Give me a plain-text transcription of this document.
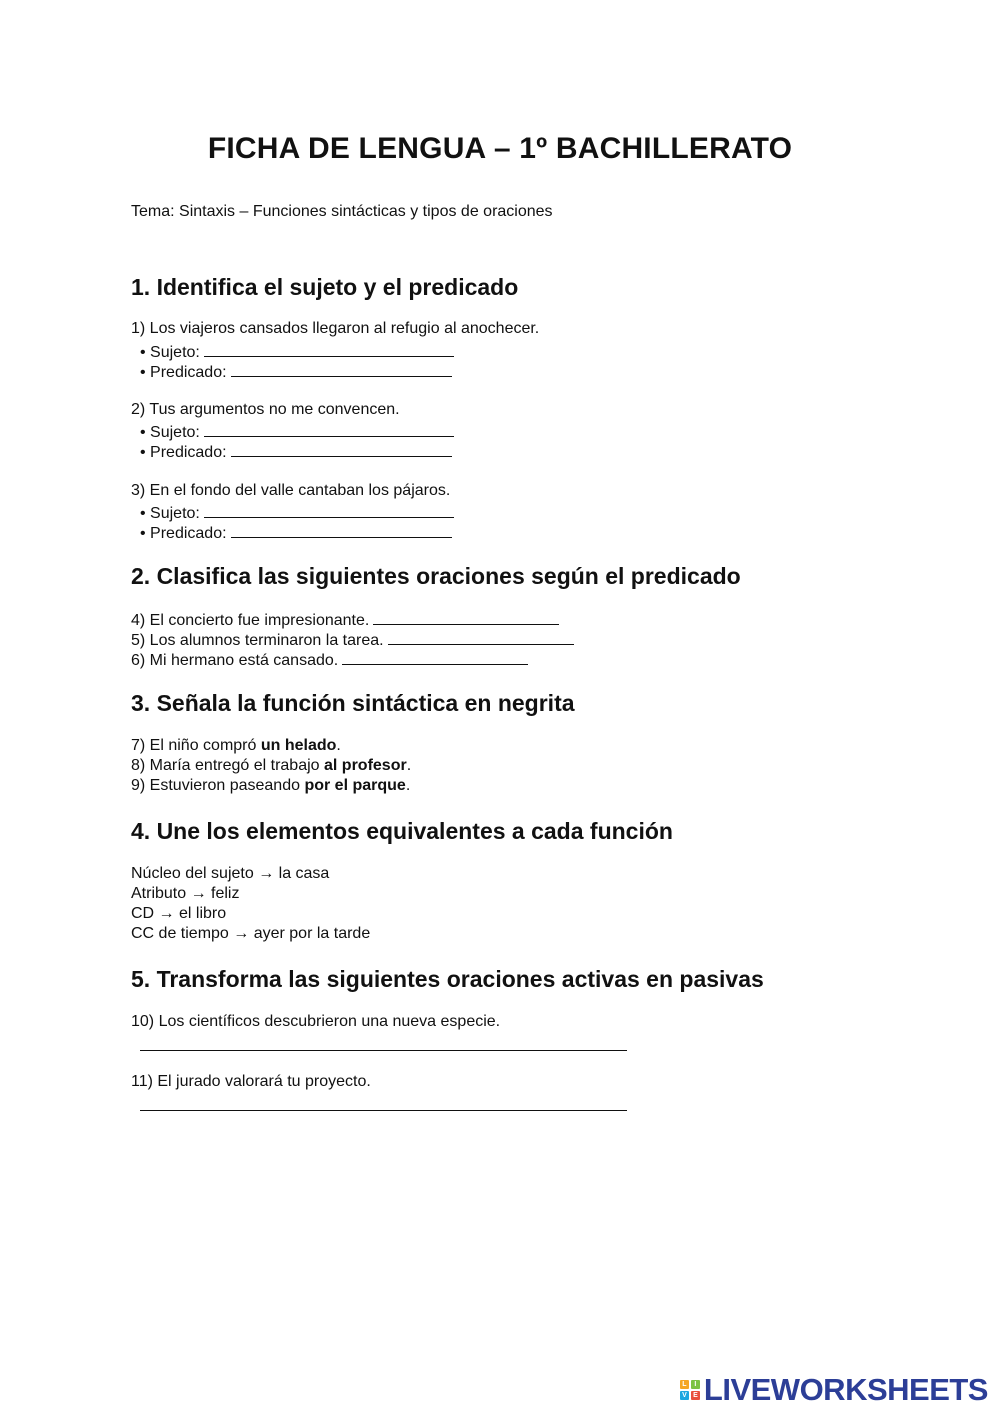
FICHA DE LENGUA – 1º BACHILLERATO
Tema: Sintaxis – Funciones sintácticas y tipos de oraciones
1. Identifica el sujeto y el predicado
1) Los viajeros cansados llegaron al refugio al anochecer.
• Sujeto:
• Predicado:
2) Tus argumentos no me convencen.
• Sujeto:
• Predicado:
3) En el fondo del valle cantaban los pájaros.
• Sujeto:
• Predicado:
2. Clasifica las siguientes oraciones según el predicado
4) El concierto fue impresionante.
5) Los alumnos terminaron la tarea.
6) Mi hermano está cansado.
3. Señala la función sintáctica en negrita
7) El niño compró un helado.
8) María entregó el trabajo al profesor.
9) Estuvieron paseando por el parque.
4. Une los elementos equivalentes a cada función
Núcleo del sujeto → la casa
Atributo → feliz
CD → el libro
CC de tiempo → ayer por la tarde
5. Transforma las siguientes oraciones activas en pasivas
10) Los científicos descubrieron una nueva especie.
11) El jurado valorará tu proyecto.
L	I
V E LIVEWORKSHEETS
